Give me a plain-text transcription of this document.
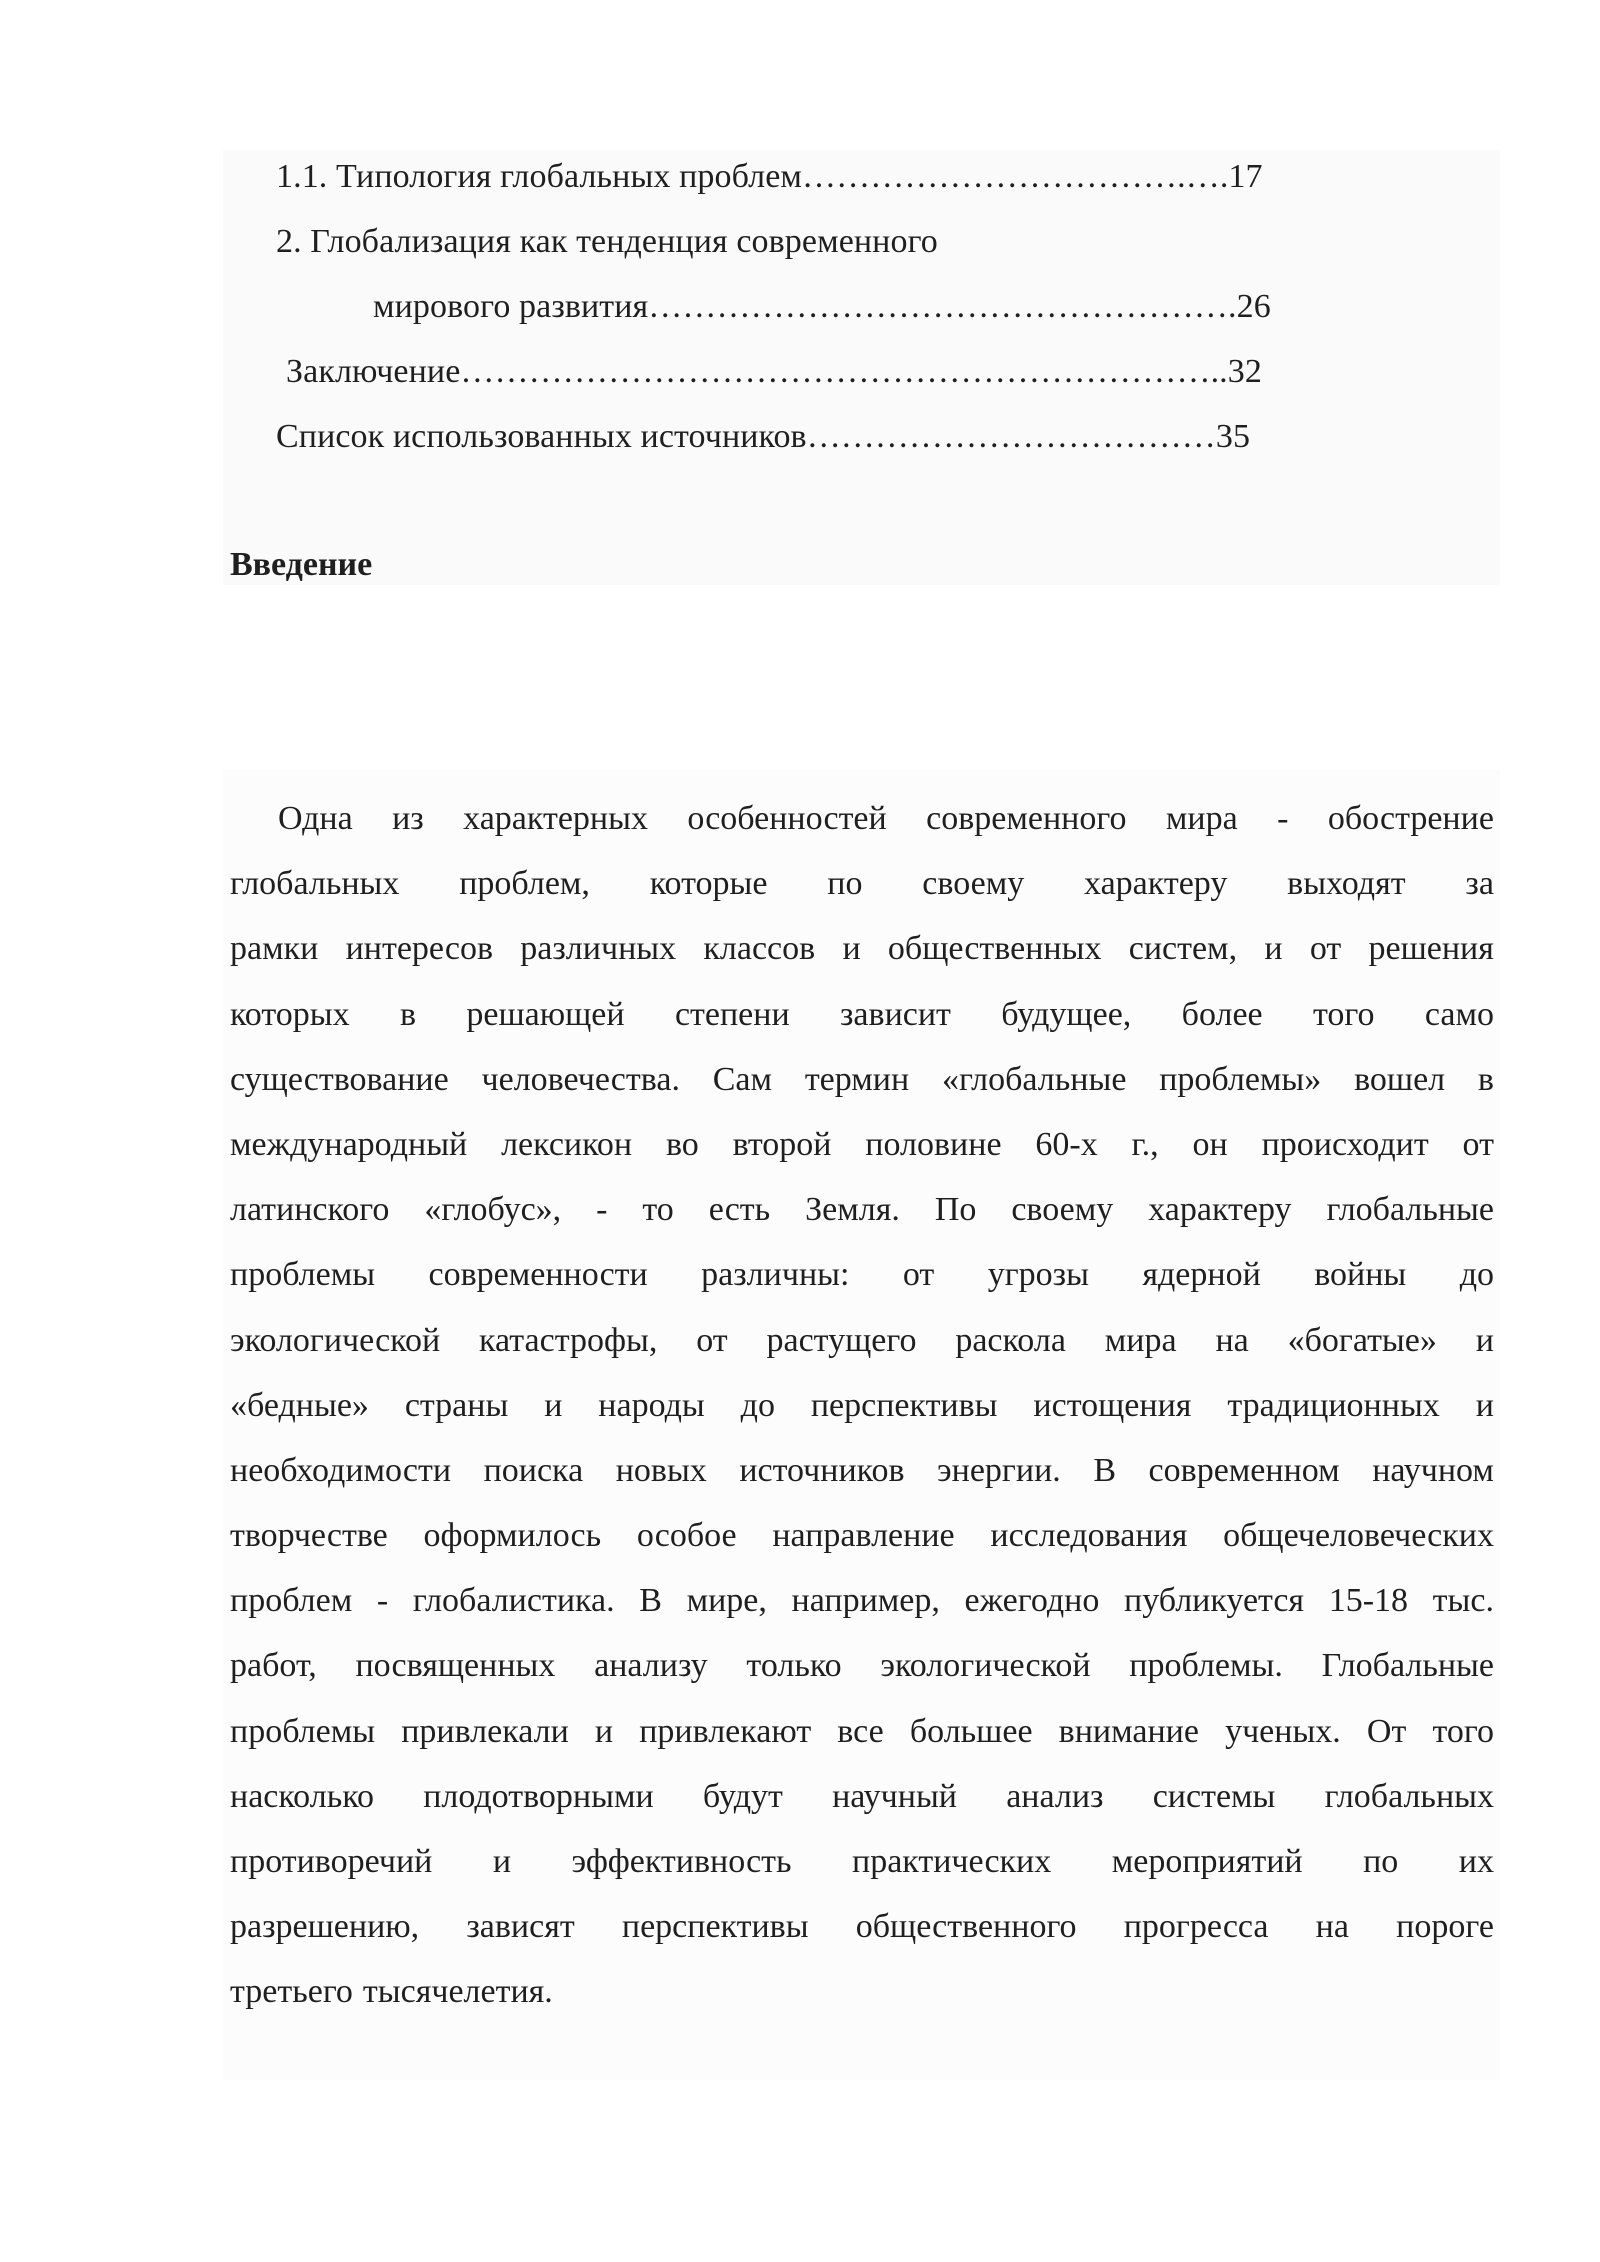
1.1. Типология глобальных проблем…………………………….….17
2. Глобализация как тенденция современного
мирового развития…………………………………………….26
Заключение…………………………………………………………..32
Список использованных источников………………………………35
Введение
Одна из характерных особенностей современного мира - обострение
глобальных проблем, которые по своему характеру выходят за
рамки интересов различных классов и общественных систем, и от решения
которых в решающей степени зависит будущее, более того само
существование человечества. Сам термин «глобальные проблемы» вошел в
международный лексикон во второй половине 60-х г., он происходит от
латинского «глобус», - то есть Земля. По своему характеру глобальные
проблемы современности различны: от угрозы ядерной войны до
экологической катастрофы, от растущего раскола мира на «богатые» и
«бедные» страны и народы до перспективы истощения традиционных и
необходимости поиска новых источников энергии. В современном научном
творчестве оформилось особое направление исследования общечеловеческих
проблем - глобалистика. В мире, например, ежегодно публикуется 15-18 тыс.
работ, посвященных анализу только экологической проблемы. Глобальные
проблемы привлекали и привлекают все большее внимание ученых. От того
насколько плодотворными будут научный анализ системы глобальных
противоречий и эффективность практических мероприятий по их
разрешению, зависят перспективы общественного прогресса на пороге
третьего тысячелетия.
